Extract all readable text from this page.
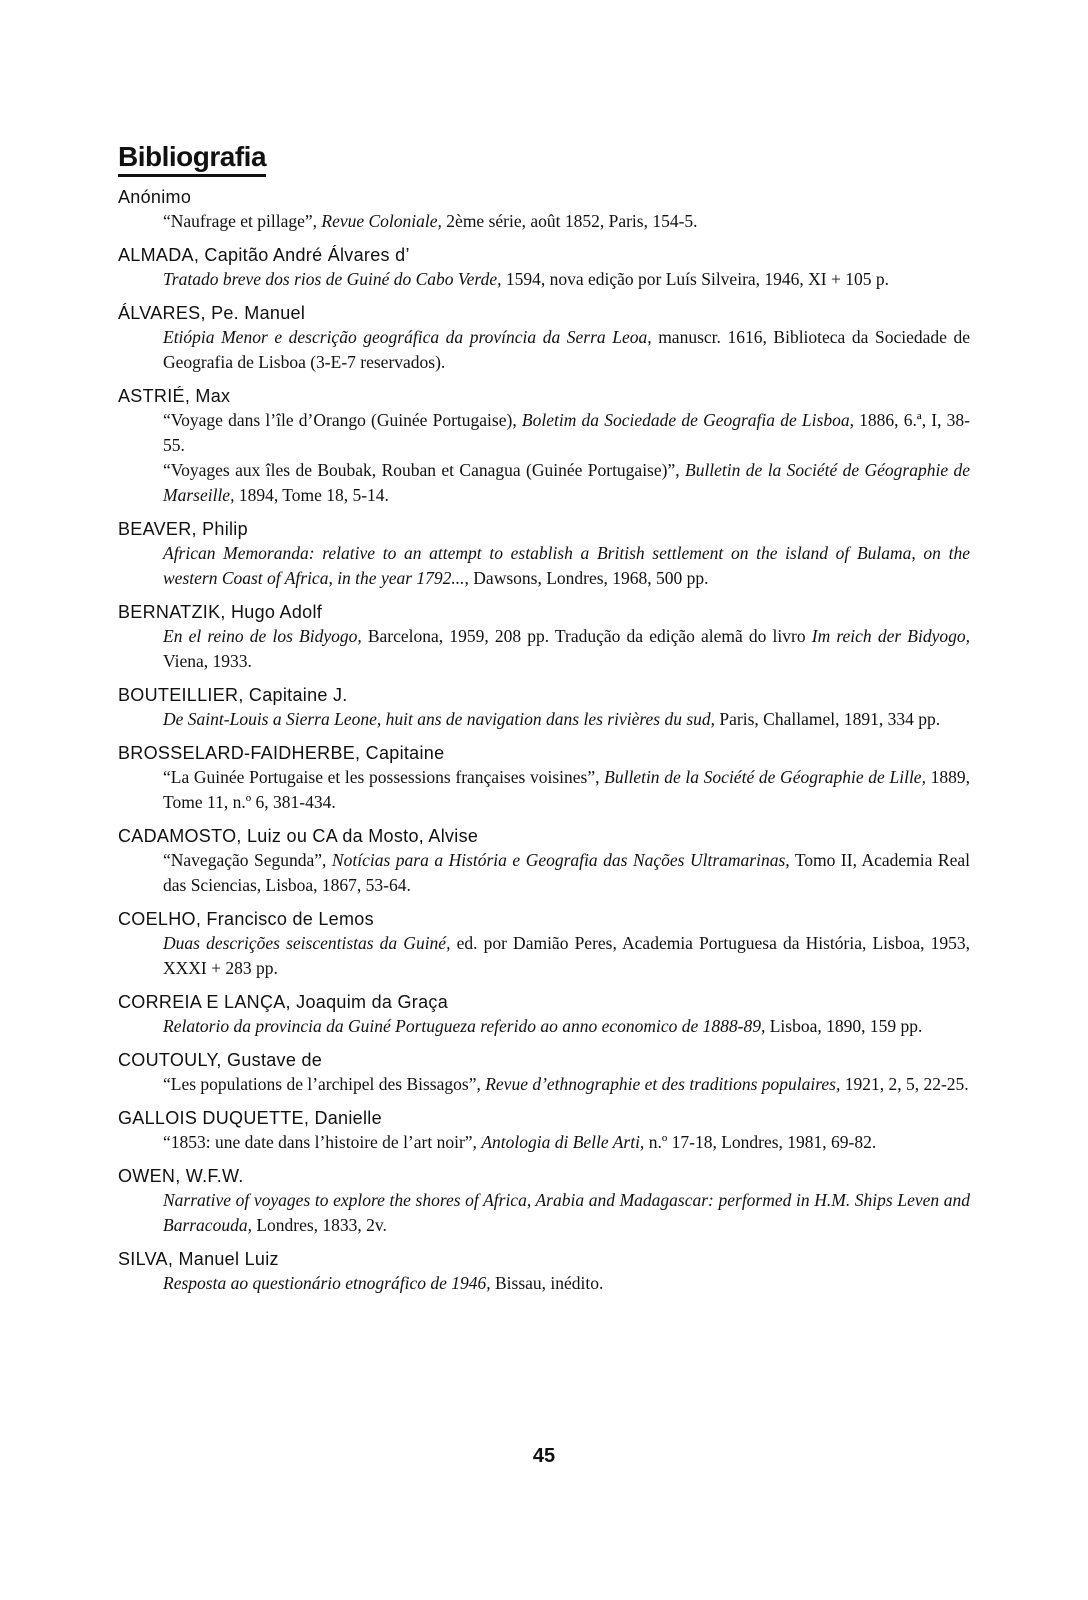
Bibliografia
Anónimo
“Naufrage et pillage”, Revue Coloniale, 2ème série, août 1852, Paris, 154-5.
ALMADA, Capitão André Álvares d’
Tratado breve dos rios de Guiné do Cabo Verde, 1594, nova edição por Luís Silveira, 1946, XI + 105 p.
ÁLVARES, Pe. Manuel
Etiópia Menor e descrição geográfica da província da Serra Leoa, manuscr. 1616, Biblioteca da Sociedade de Geografia de Lisboa (3-E-7 reservados).
ASTRIÉ, Max
“Voyage dans l’île d’Orango (Guinée Portugaise), Boletim da Sociedade de Geografia de Lisboa, 1886, 6.ª, I, 38-55.
“Voyages aux îles de Boubak, Rouban et Canagua (Guinée Portugaise)”, Bulletin de la Société de Géographie de Marseille, 1894, Tome 18, 5-14.
BEAVER, Philip
African Memoranda: relative to an attempt to establish a British settlement on the island of Bulama, on the western Coast of Africa, in the year 1792..., Dawsons, Londres, 1968, 500 pp.
BERNATZIK, Hugo Adolf
En el reino de los Bidyogo, Barcelona, 1959, 208 pp. Tradução da edição alemã do livro Im reich der Bidyogo, Viena, 1933.
BOUTEILLIER, Capitaine J.
De Saint-Louis a Sierra Leone, huit ans de navigation dans les rivières du sud, Paris, Challamel, 1891, 334 pp.
BROSSELARD-FAIDHERBE, Capitaine
“La Guinée Portugaise et les possessions françaises voisines”, Bulletin de la Société de Géographie de Lille, 1889, Tome 11, n.º 6, 381-434.
CADAMOSTO, Luiz ou CA da Mosto, Alvise
“Navegação Segunda”, Notícias para a História e Geografia das Nações Ultramarinas, Tomo II, Academia Real das Sciencias, Lisboa, 1867, 53-64.
COELHO, Francisco de Lemos
Duas descrições seiscentistas da Guiné, ed. por Damião Peres, Academia Portuguesa da História, Lisboa, 1953, XXXI + 283 pp.
CORREIA E LANÇA, Joaquim da Graça
Relatorio da provincia da Guiné Portugueza referido ao anno economico de 1888-89, Lisboa, 1890, 159 pp.
COUTOULY, Gustave de
“Les populations de l’archipel des Bissagos”, Revue d’ethnographie et des traditions populaires, 1921, 2, 5, 22-25.
GALLOIS DUQUETTE, Danielle
“1853: une date dans l’histoire de l’art noir”, Antologia di Belle Arti, n.º 17-18, Londres, 1981, 69-82.
OWEN, W.F.W.
Narrative of voyages to explore the shores of Africa, Arabia and Madagascar: performed in H.M. Ships Leven and Barracouda, Londres, 1833, 2v.
SILVA, Manuel Luiz
Resposta ao questionário etnográfico de 1946, Bissau, inédito.
45
